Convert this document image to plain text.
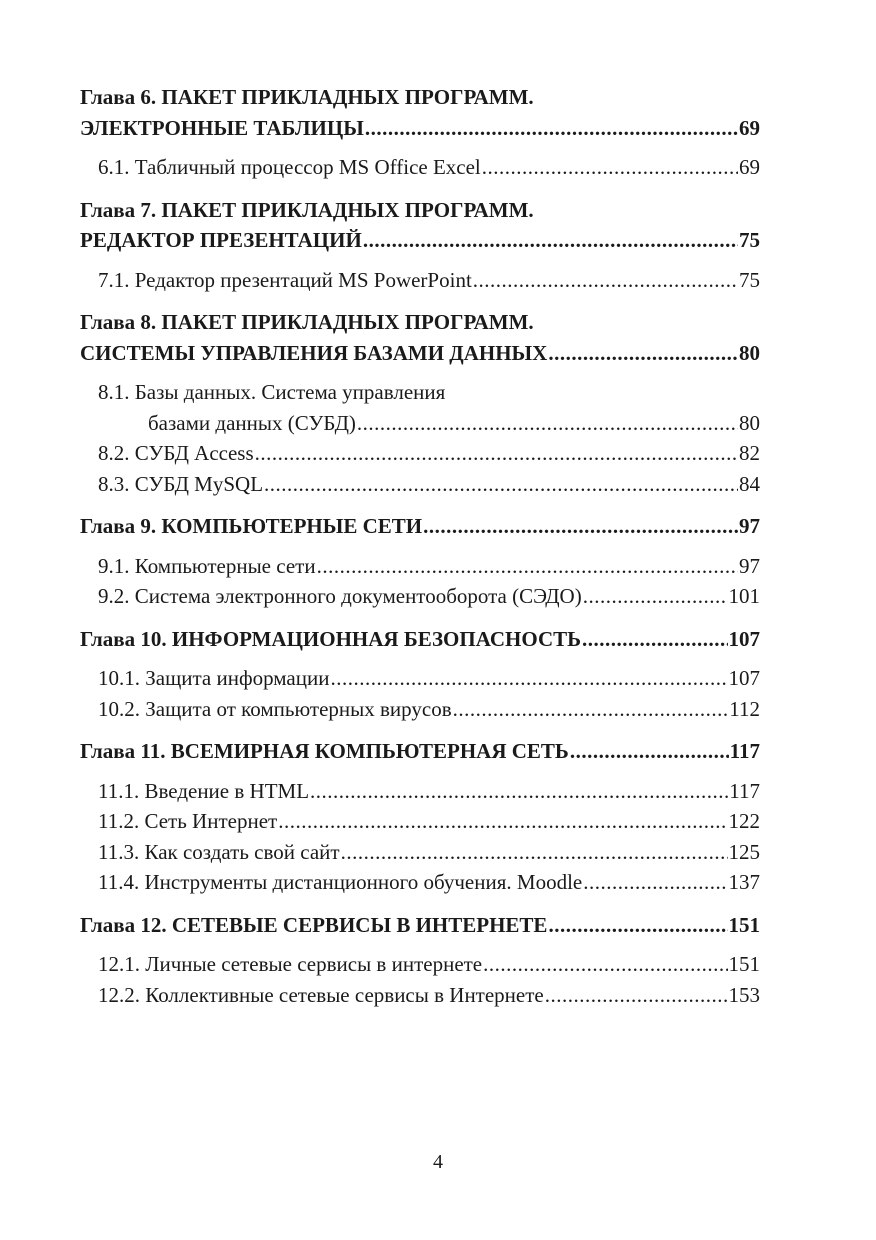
Глава 6. ПАКЕТ ПРИКЛАДНЫХ ПРОГРАММ.
ЭЛЕКТРОННЫЕ ТАБЛИЦЫ .....	69
6.1. Табличный процессор MS Office Excel .....	69
Глава 7. ПАКЕТ ПРИКЛАДНЫХ ПРОГРАММ.
РЕДАКТОР ПРЕЗЕНТАЦИЙ .....	75
7.1. Редактор презентаций MS PowerPoint .....	75
Глава 8. ПАКЕТ ПРИКЛАДНЫХ ПРОГРАММ.
СИСТЕМЫ УПРАВЛЕНИЯ БАЗАМИ ДАННЫХ .....	80
8.1. Базы данных. Система управления
базами данных (СУБД) .....	80
8.2. СУБД Access .....	82
8.3. СУБД MySQL .....	84
Глава 9. КОМПЬЮТЕРНЫЕ СЕТИ .....	97
9.1. Компьютерные сети .....	97
9.2. Система электронного документооборота (СЭДО) .....	101
Глава 10. ИНФОРМАЦИОННАЯ БЕЗОПАСНОСТЬ .....	107
10.1. Защита информации .....	107
10.2. Защита от компьютерных вирусов .....	112
Глава 11. ВСЕМИРНАЯ КОМПЬЮТЕРНАЯ СЕТЬ .....	117
11.1. Введение в HTML .....	117
11.2. Сеть Интернет .....	122
11.3. Как создать свой сайт .....	125
11.4. Инструменты дистанционного обучения. Moodle .....	137
Глава 12. СЕТЕВЫЕ СЕРВИСЫ В ИНТЕРНЕТЕ .....	151
12.1. Личные сетевые сервисы в интернете .....	151
12.2. Коллективные сетевые сервисы в Интернете .....	153
4
